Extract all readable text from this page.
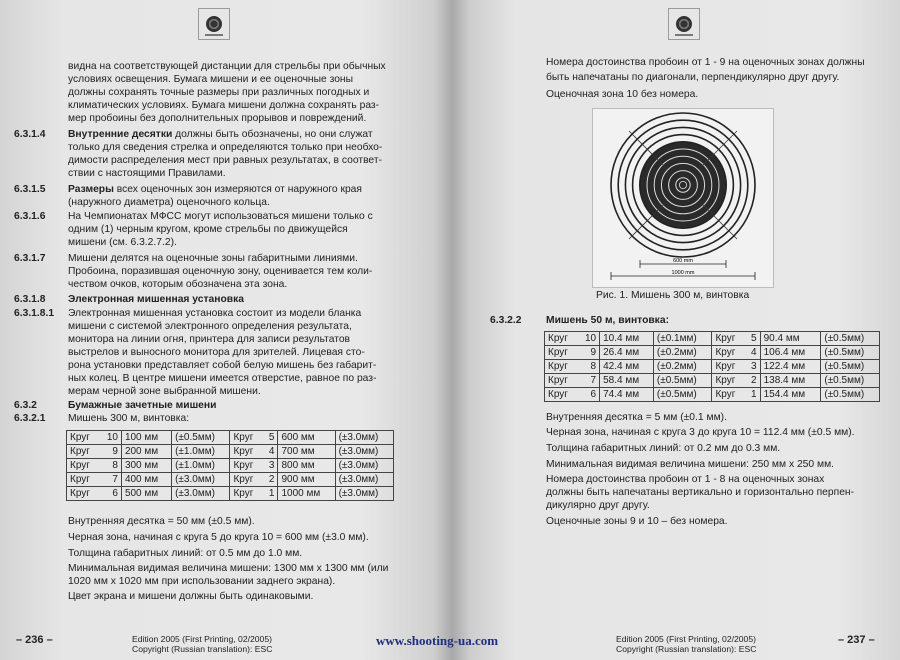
видна на соответствующей дистанции для стрельбы при обычных
условиях освещения. Бумага мишени и ее оценочные зоны
должны сохранять точные размеры при различных погодных и
климатических условиях. Бумага мишени должна сохранять раз-
мер пробоины без дополнительных прорывов и повреждений.
6.3.1.4 Внутренние десятки должны быть обозначены, но они служат
только для сведения стрелка и определяются только при необхо-
димости распределения мест при равных результатах, в соответ-
ствии с настоящими Правилами.
6.3.1.5 Размеры всех оценочных зон измеряются от наружного края
(наружного диаметра) оценочного кольца.
6.3.1.6 На Чемпионатах МФСС могут использоваться мишени только с
одним (1) черным кругом, кроме стрельбы по движущейся
мишени (см. 6.3.2.7.2).
6.3.1.7 Мишени делятся на оценочные зоны габаритными линиями.
Пробоина, поразившая оценочную зону, оценивается тем коли-
чеством очков, которым обозначена эта зона.
6.3.1.8 Электронная мишенная установка
6.3.1.8.1 Электронная мишенная установка состоит из модели бланка
мишени с системой электронного определения результата,
монитора на линии огня, принтера для записи результатов
выстрелов и выносного монитора для зрителей. Лицевая сто-
рона установки представляет собой белую мишень без габарит-
ных колец. В центре мишени имеется отверстие, равное по раз-
мерам черной зоне выбранной мишени.
6.3.2	Бумажные зачетные мишени
6.3.2.1 Мишень 300 м, винтовка:
Круг	10	100 мм	(±0.5мм)	Круг	5	600 мм	(±3.0мм)
Круг	9	200 мм	(±1.0мм)	Круг	4	700 мм	(±3.0мм)
Круг	8	300 мм	(±1.0мм)	Круг	3	800 мм	(±3.0мм)
Круг	7	400 мм	(±3.0мм)	Круг	2	900 мм	(±3.0мм)
Круг	6	500 мм	(±3.0мм)	Круг	1	1000 мм	(±3.0мм)
Внутренняя десятка = 50 мм (±0.5 мм).
Черная зона, начиная с круга 5 до круга 10 = 600 мм (±3.0 мм).
Толщина габаритных линий: от 0.5 мм до 1.0 мм.
Минимальная видимая величина мишени: 1300 мм х 1300 мм (или
1020 мм х 1020 мм при использовании заднего экрана).
Цвет экрана и мишени должны быть одинаковыми.
– 236 –	Edition 2005 (First Printing, 02/2005)
Copyright (Russian translation): ESC
Номера достоинства пробоин от 1 - 9 на оценочных зонах должны
быть напечатаны по диагонали, перпендикулярно друг другу.
Оценочная зона 10 без номера.
600 mm
1000 mm
Рис. 1. Мишень 300 м, винтовка
6.3.2.2 Мишень 50 м, винтовка:
Круг	10	10.4 мм	(±0.1мм)	Круг	5	90.4 мм	(±0.5мм)
Круг	9	26.4 мм	(±0.2мм)	Круг	4	106.4 мм	(±0.5мм)
Круг	8	42.4 мм	(±0.2мм)	Круг	3	122.4 мм	(±0.5мм)
Круг	7	58.4 мм	(±0.5мм)	Круг	2	138.4 мм	(±0.5мм)
Круг	6	74.4 мм	(±0.5мм)	Круг	1	154.4 мм	(±0.5мм)
Внутренняя десятка = 5 мм (±0.1 мм).
Черная зона, начиная с круга 3 до круга 10 = 112.4 мм (±0.5 мм).
Толщина габаритных линий: от 0.2 мм до 0.3 мм.
Минимальная видимая величина мишени: 250 мм х 250 мм.
Номера достоинства пробоин от 1 - 8 на оценочных зонах
должны быть напечатаны вертикально и горизонтально перпен-
дикулярно друг другу.
Оценочные зоны 9 и 10 – без номера.
Edition 2005 (First Printing, 02/2005)
Copyright (Russian translation): ESC
– 237 –
www.shooting-ua.com
